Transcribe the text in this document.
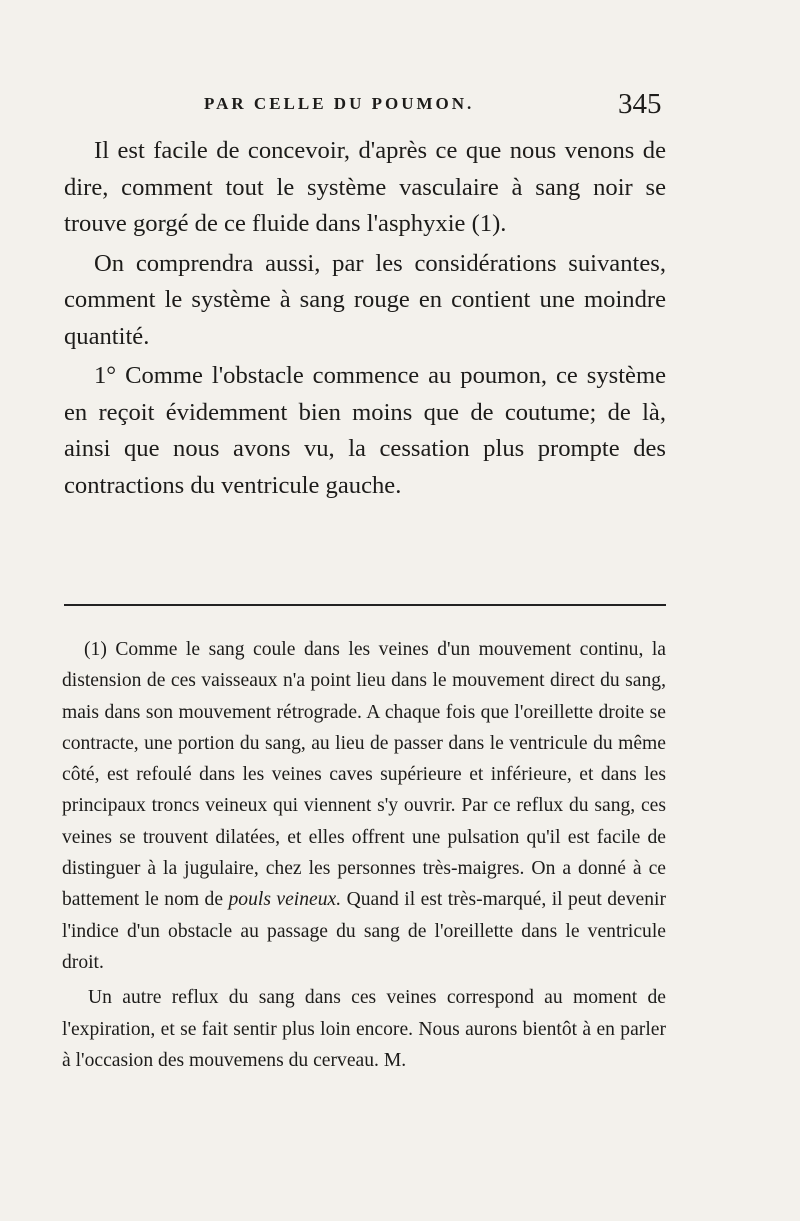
PAR CELLE DU POUMON.	345

Il est facile de concevoir, d'après ce que nous venons de dire, comment tout le système vasculaire à sang noir se trouve gorgé de ce fluide dans l'asphyxie (1).

On comprendra aussi, par les considérations suivantes, comment le système à sang rouge en contient une moindre quantité.

1° Comme l'obstacle commence au poumon, ce système en reçoit évidemment bien moins que de coutume; de là, ainsi que nous avons vu, la cessation plus prompte des contractions du ventricule gauche.

(1) Comme le sang coule dans les veines d'un mouvement continu, la distension de ces vaisseaux n'a point lieu dans le mouvement direct du sang, mais dans son mouvement rétrograde. A chaque fois que l'oreillette droite se contracte, une portion du sang, au lieu de passer dans le ventricule du même côté, est refoulé dans les veines caves supérieure et inférieure, et dans les principaux troncs veineux qui viennent s'y ouvrir. Par ce reflux du sang, ces veines se trouvent dilatées, et elles offrent une pulsation qu'il est facile de distinguer à la jugulaire, chez les personnes très-maigres. On a donné à ce battement le nom de pouls veineux. Quand il est très-marqué, il peut devenir l'indice d'un obstacle au passage du sang de l'oreillette dans le ventricule droit.

Un autre reflux du sang dans ces veines correspond au moment de l'expiration, et se fait sentir plus loin encore. Nous aurons bientôt à en parler à l'occasion des mouvemens du cerveau. M.
